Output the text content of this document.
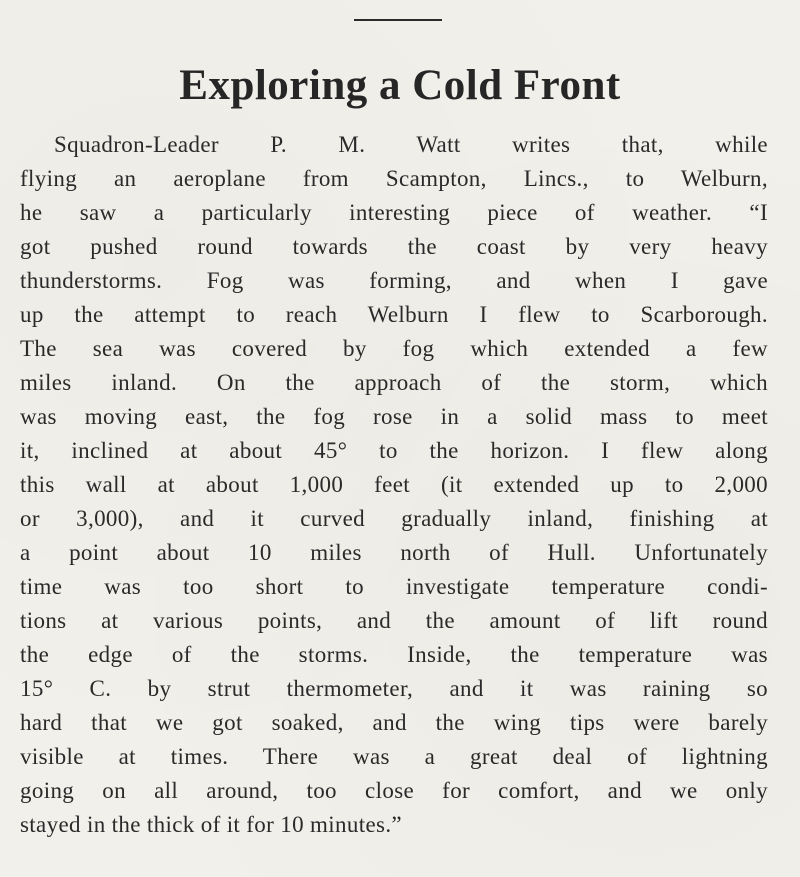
Exploring a Cold Front
Squadron-Leader P. M. Watt writes that, while
flying an aeroplane from Scampton, Lincs., to Welburn,
he saw a particularly interesting piece of weather. “I
got pushed round towards the coast by very heavy
thunderstorms. Fog was forming, and when I gave
up the attempt to reach Welburn I flew to Scarborough.
The sea was covered by fog which extended a few
miles inland. On the approach of the storm, which
was moving east, the fog rose in a solid mass to meet
it, inclined at about 45° to the horizon. I flew along
this wall at about 1,000 feet (it extended up to 2,000
or 3,000), and it curved gradually inland, finishing at
a point about 10 miles north of Hull. Unfortunately
time was too short to investigate temperature condi-
tions at various points, and the amount of lift round
the edge of the storms. Inside, the temperature was
15° C. by strut thermometer, and it was raining so
hard that we got soaked, and the wing tips were barely
visible at times. There was a great deal of lightning
going on all around, too close for comfort, and we only
stayed in the thick of it for 10 minutes.”
